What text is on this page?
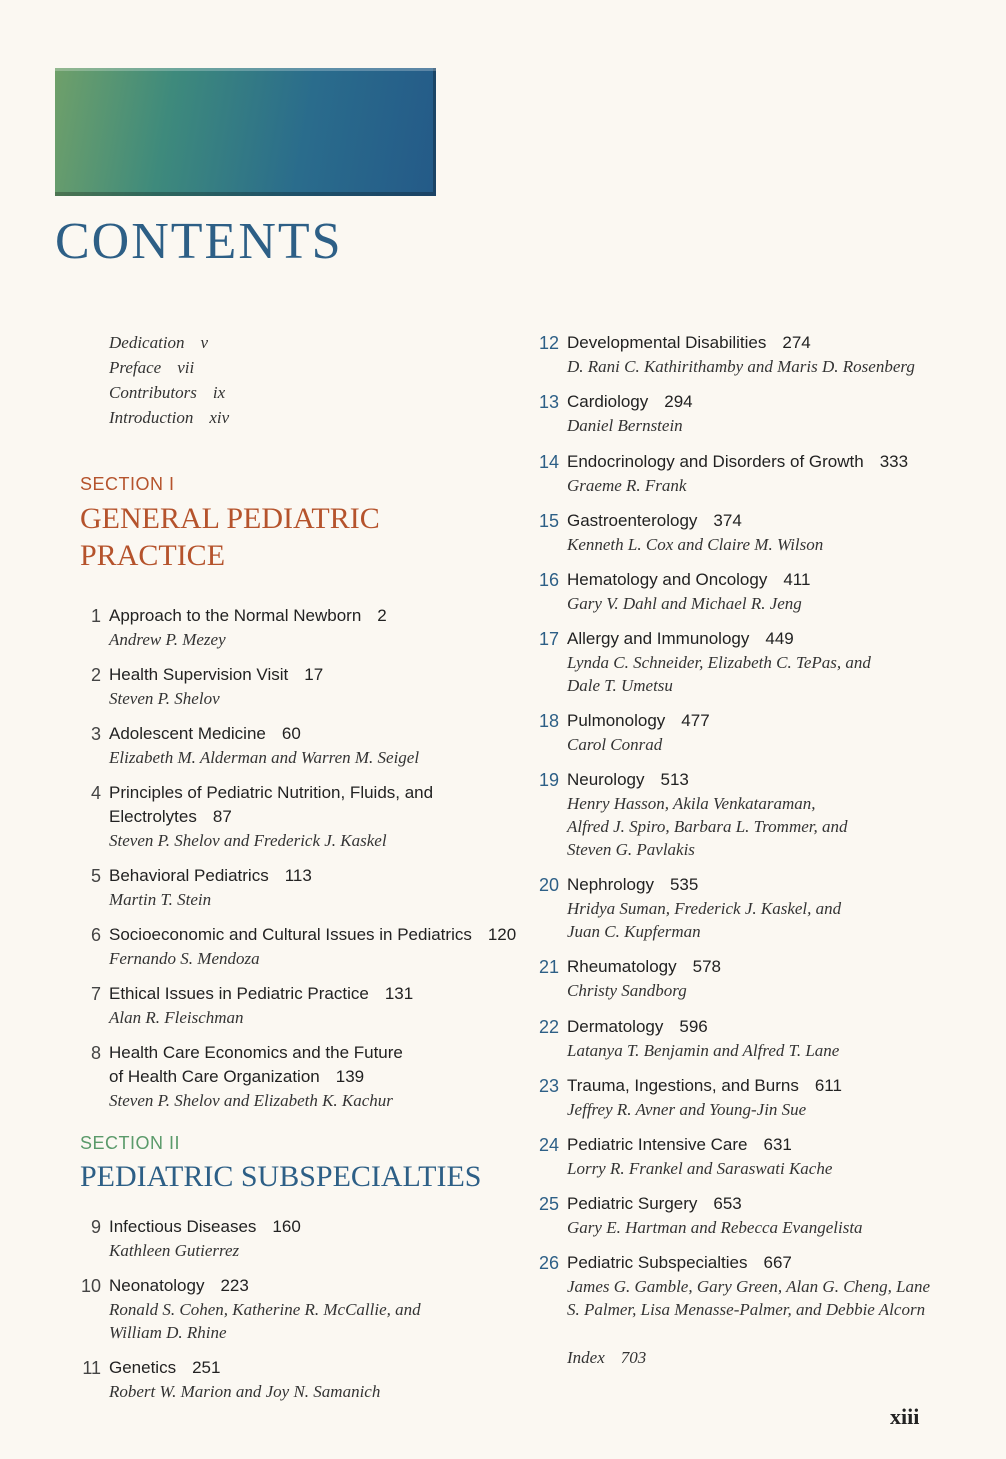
CONTENTS
Dedication v
Preface vii
Contributors ix
Introduction xiv
SECTION I
GENERAL PEDIATRIC
PRACTICE
SECTION II
PEDIATRIC SUBSPECIALTIES
1 Approach to the Normal Newborn 2
Andrew P. Mezey
2 Health Supervision Visit 17
Steven P. Shelov
3 Adolescent Medicine 60
Elizabeth M. Alderman and Warren M. Seigel
4 Principles of Pediatric Nutrition, Fluids, and
Electrolytes 87
Steven P. Shelov and Frederick J. Kaskel
5 Behavioral Pediatrics 113
Martin T. Stein
6 Socioeconomic and Cultural Issues in Pediatrics 120
Fernando S. Mendoza
7 Ethical Issues in Pediatric Practice 131
Alan R. Fleischman
8 Health Care Economics and the Future
of Health Care Organization 139
Steven P. Shelov and Elizabeth K. Kachur
9 Infectious Diseases 160
Kathleen Gutierrez
10 Neonatology 223
Ronald S. Cohen, Katherine R. McCallie, and
William D. Rhine
11 Genetics 251
Robert W. Marion and Joy N. Samanich
12 Developmental Disabilities 274
D. Rani C. Kathirithamby and Maris D. Rosenberg
13 Cardiology 294
Daniel Bernstein
14 Endocrinology and Disorders of Growth 333
Graeme R. Frank
15 Gastroenterology 374
Kenneth L. Cox and Claire M. Wilson
16 Hematology and Oncology 411
Gary V. Dahl and Michael R. Jeng
17 Allergy and Immunology 449
Lynda C. Schneider, Elizabeth C. TePas, and
Dale T. Umetsu
18 Pulmonology 477
Carol Conrad
19 Neurology 513
Henry Hasson, Akila Venkataraman,
Alfred J. Spiro, Barbara L. Trommer, and
Steven G. Pavlakis
20 Nephrology 535
Hridya Suman, Frederick J. Kaskel, and
Juan C. Kupferman
21 Rheumatology 578
Christy Sandborg
22 Dermatology 596
Latanya T. Benjamin and Alfred T. Lane
23 Trauma, Ingestions, and Burns 611
Jeffrey R. Avner and Young-Jin Sue
24 Pediatric Intensive Care 631
Lorry R. Frankel and Saraswati Kache
25 Pediatric Surgery 653
Gary E. Hartman and Rebecca Evangelista
26 Pediatric Subspecialties 667
James G. Gamble, Gary Green, Alan G. Cheng, Lane
S. Palmer, Lisa Menasse-Palmer, and Debbie Alcorn
Index 703
xiii
